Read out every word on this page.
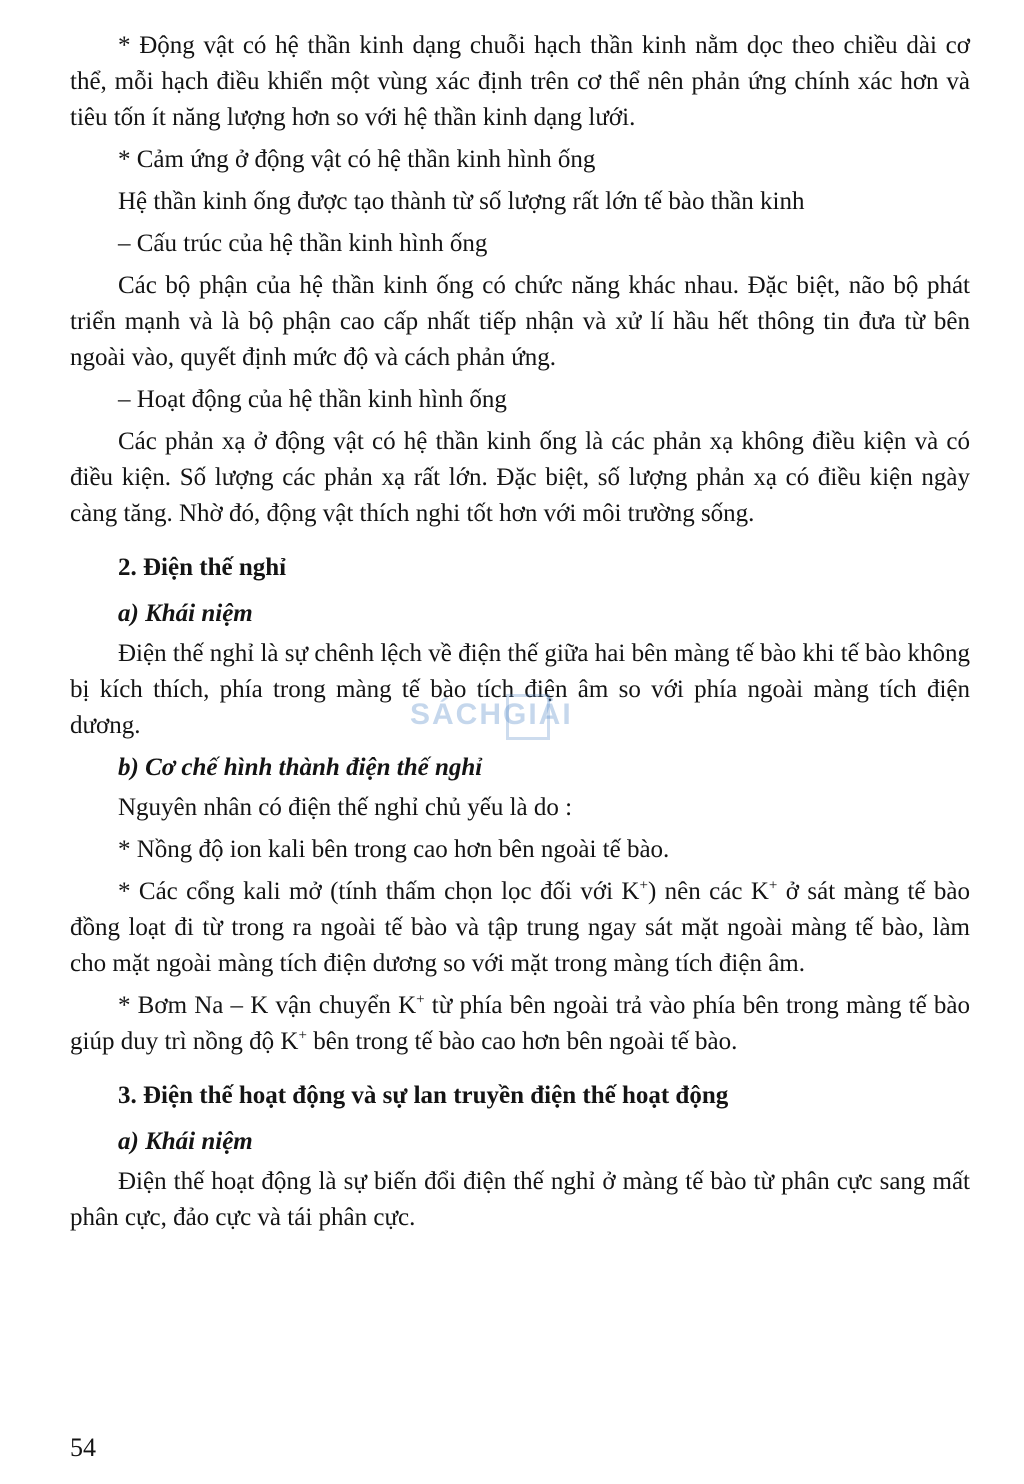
* Động vật có hệ thần kinh dạng chuỗi hạch thần kinh nằm dọc theo chiều dài cơ thể, mỗi hạch điều khiển một vùng xác định trên cơ thể nên phản ứng chính xác hơn và tiêu tốn ít năng lượng hơn so với hệ thần kinh dạng lưới.

* Cảm ứng ở động vật có hệ thần kinh hình ống

Hệ thần kinh ống được tạo thành từ số lượng rất lớn tế bào thần kinh

– Cấu trúc của hệ thần kinh hình ống

Các bộ phận của hệ thần kinh ống có chức năng khác nhau. Đặc biệt, não bộ phát triển mạnh và là bộ phận cao cấp nhất tiếp nhận và xử lí hầu hết thông tin đưa từ bên ngoài vào, quyết định mức độ và cách phản ứng.

– Hoạt động của hệ thần kinh hình ống

Các phản xạ ở động vật có hệ thần kinh ống là các phản xạ không điều kiện và có điều kiện. Số lượng các phản xạ rất lớn. Đặc biệt, số lượng phản xạ có điều kiện ngày càng tăng. Nhờ đó, động vật thích nghi tốt hơn với môi trường sống.

2. Điện thế nghỉ
a) Khái niệm

Điện thế nghỉ là sự chênh lệch về điện thế giữa hai bên màng tế bào khi tế bào không bị kích thích, phía trong màng tế bào tích điện âm so với phía ngoài màng tích điện dương.

b) Cơ chế hình thành điện thế nghỉ

Nguyên nhân có điện thế nghỉ chủ yếu là do :

* Nồng độ ion kali bên trong cao hơn bên ngoài tế bào.

* Các cổng kali mở (tính thấm chọn lọc đối với K+) nên các K+ ở sát màng tế bào đồng loạt đi từ trong ra ngoài tế bào và tập trung ngay sát mặt ngoài màng tế bào, làm cho mặt ngoài màng tích điện dương so với mặt trong màng tích điện âm.

* Bơm Na – K vận chuyển K+ từ phía bên ngoài trả vào phía bên trong màng tế bào giúp duy trì nồng độ K+ bên trong tế bào cao hơn bên ngoài tế bào.

3. Điện thế hoạt động và sự lan truyền điện thế hoạt động
a) Khái niệm

Điện thế hoạt động là sự biến đổi điện thế nghỉ ở màng tế bào từ phân cực sang mất phân cực, đảo cực và tái phân cực.

SÁCHGIẢI
54
